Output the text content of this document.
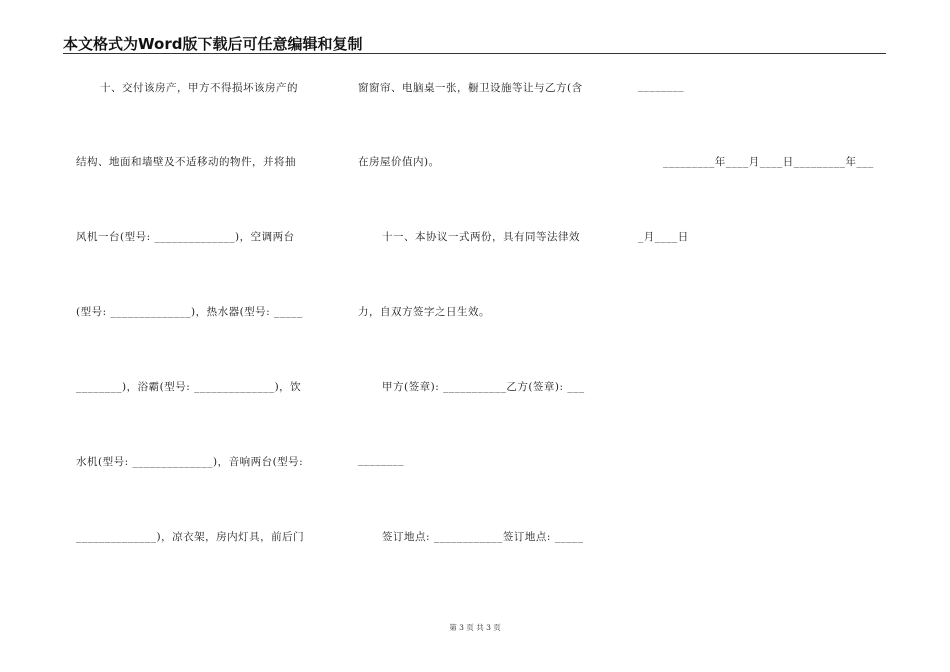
本文格式为Word版下载后可任意编辑和复制
十、交付该房产，甲方不得损坏该房产的
结构、地面和墙壁及不适移动的物件，并将抽
风机一台(型号: ______________)，空调两台
(型号: ______________)，热水器(型号: _____
________)，浴霸(型号: ______________)，饮
水机(型号: ______________)，音响两台(型号:
______________)，凉衣架，房内灯具，前后门
窗窗帘、电脑桌一张，橱卫设施等让与乙方(含
在房屋价值内)。
十一、本协议一式两份，具有同等法律效
力，自双方签字之日生效。
甲方(签章): ___________乙方(签章): ___
________
签订地点: ____________签订地点: _____
________
_________年____月____日_________年___
_月____日
第 3 页 共 3 页
